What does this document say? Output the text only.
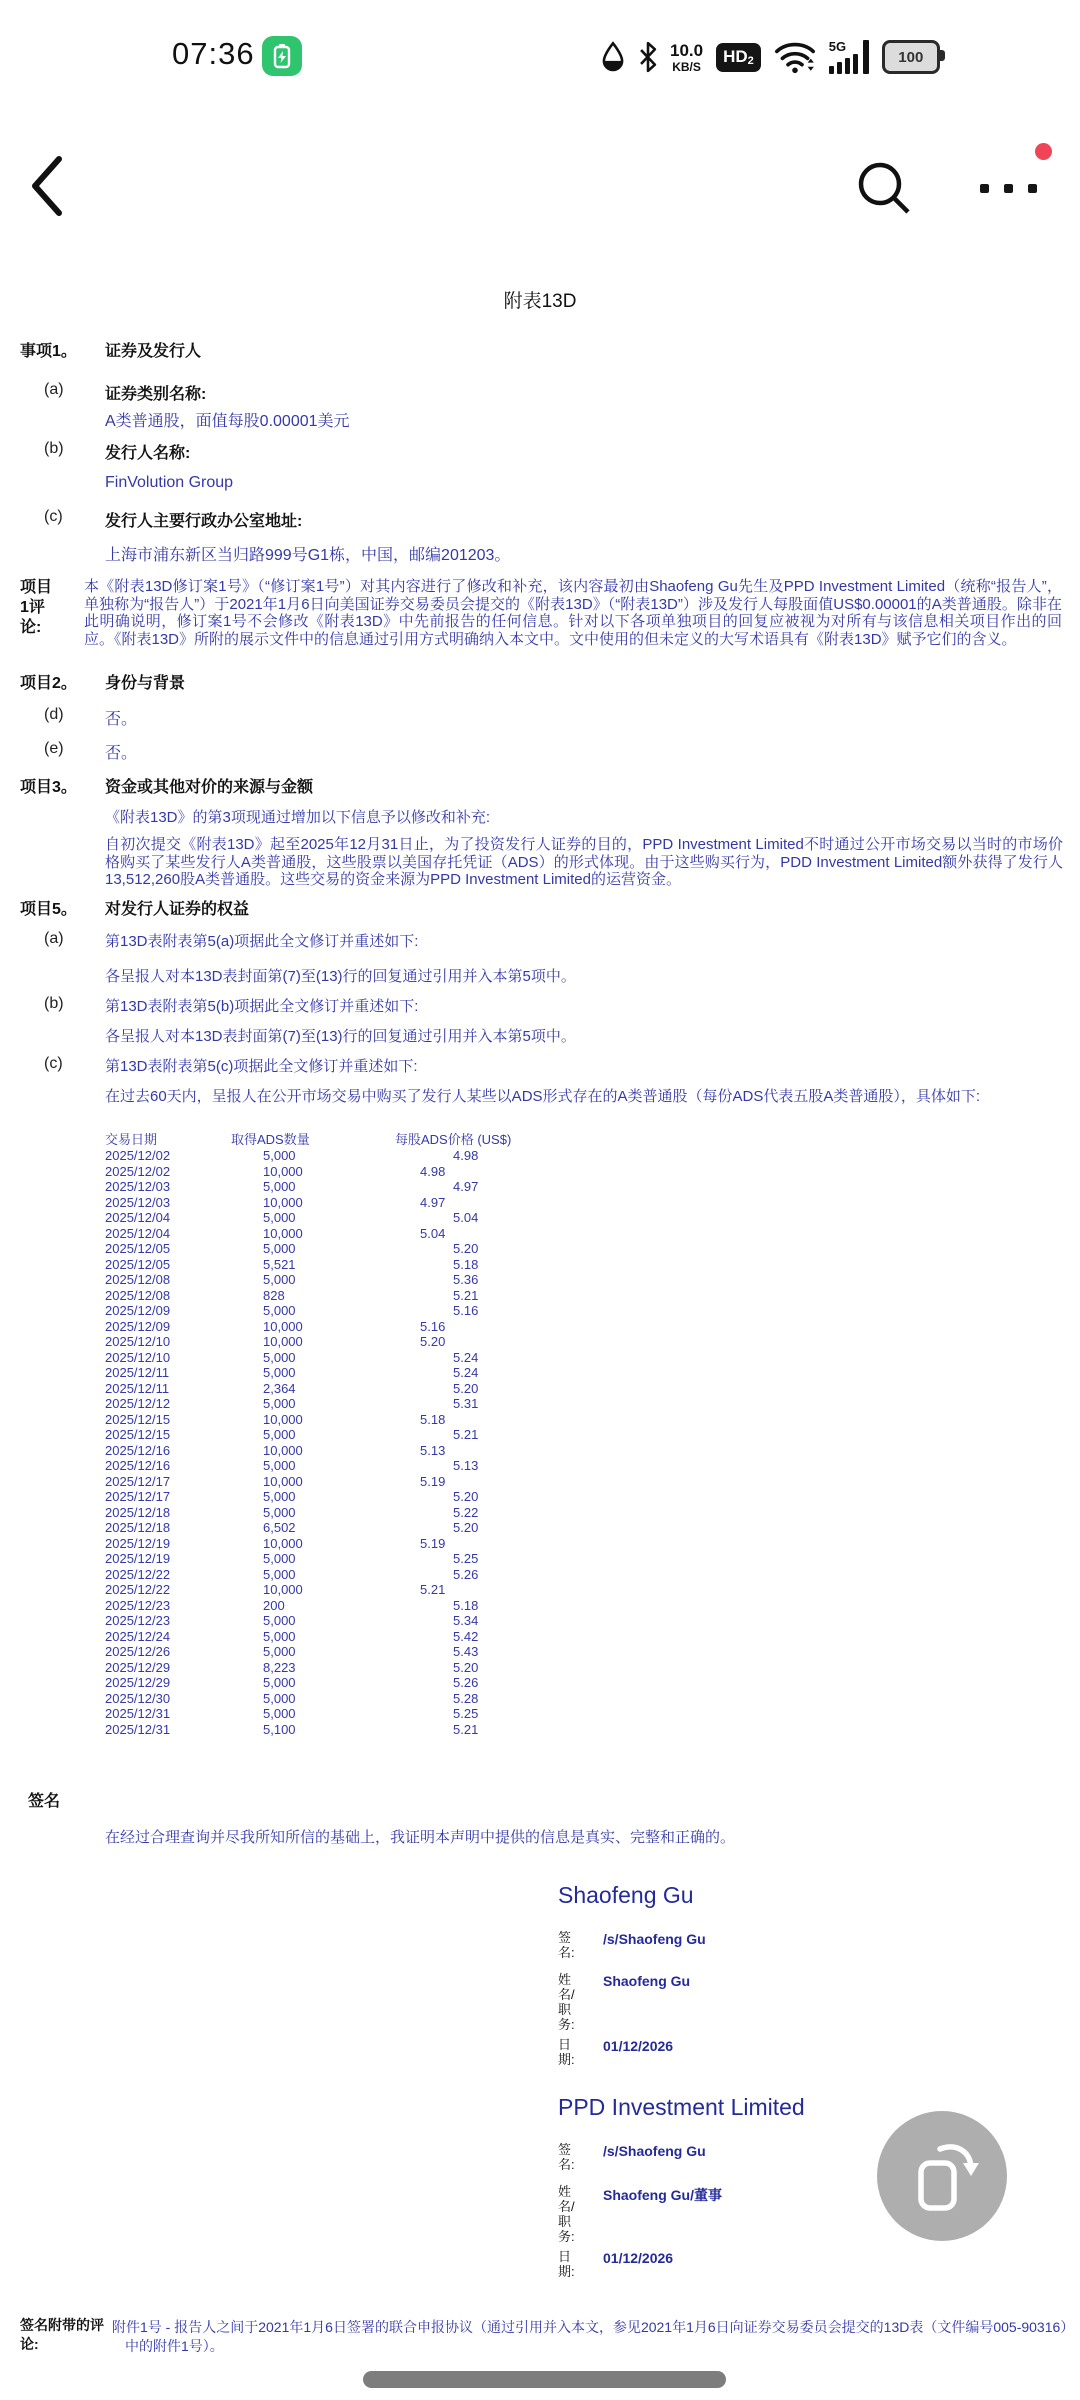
07:36	10.0
KB/S
HD 2
5G
100
附表13D
事项1。 证券及发行人
(a)	证券类别名称:
A类普通股，面值每股0.00001美元
(b)	发行人名称:
FinVolution Group
(c)	发行人主要行政办公室地址:
上海市浦东新区当归路999号G1栋，中国，邮编201203。
项目1评论:
本《附表13D修订案1号》（“修订案1号”）对其内容进行了修改和补充，该内容最初由Shaofeng Gu先生及PPD Investment Limited（统称“报告人”，单独称为“报告人”）于2021年1月6日向美国证券交易委员会提交的《附表13D》（“附表13D”）涉及发行人每股面值US$0.00001的A类普通股。除非在此明确说明，修订案1号不会修改《附表13D》中先前报告的任何信息。针对以下各项单独项目的回复应被视为对所有与该信息相关项目作出的回应。《附表13D》所附的展示文件中的信息通过引用方式明确纳入本文中。文中使用的但未定义的大写术语具有《附表13D》赋予它们的含义。
项目2。 身份与背景
(d)	否。
(e)	否。
项目3。 资金或其他对价的来源与金额
《附表13D》的第3项现通过增加以下信息予以修改和补充:
自初次提交《附表13D》起至2025年12月31日止，为了投资发行人证券的目的，PPD Investment Limited不时通过公开市场交易以当时的市场价格购买了某些发行人A类普通股，这些股票以美国存托凭证（ADS）的形式体现。由于这些购买行为，PDD Investment Limited额外获得了发行人13,512,260股A类普通股。这些交易的资金来源为PPD Investment Limited的运营资金。
项目5。 对发行人证券的权益
(a)	第13D表附表第5(a)项据此全文修订并重述如下:
各呈报人对本13D表封面第(7)至(13)行的回复通过引用并入本第5项中。
(b)	第13D表附表第5(b)项据此全文修订并重述如下:
各呈报人对本13D表封面第(7)至(13)行的回复通过引用并入本第5项中。
(c)	第13D表附表第5(c)项据此全文修订并重述如下:
在过去60天内，呈报人在公开市场交易中购买了发行人某些以ADS形式存在的A类普通股（每份ADS代表五股A类普通股），具体如下:
交易日期	取得ADS数量	每股ADS价格 (US$)
2025/12/02	5,000	4.98
2025/12/02	10,000	4.98
2025/12/03	5,000	4.97
2025/12/03	10,000	4.97
2025/12/04	5,000	5.04
2025/12/04	10,000	5.04
2025/12/05	5,000	5.20
2025/12/05	5,521	5.18
2025/12/08	5,000	5.36
2025/12/08	828	5.21
2025/12/09	5,000	5.16
2025/12/09	10,000	5.16
2025/12/10	10,000	5.20
2025/12/10	5,000	5.24
2025/12/11	5,000	5.24
2025/12/11	2,364	5.20
2025/12/12	5,000	5.31
2025/12/15	10,000	5.18
2025/12/15	5,000	5.21
2025/12/16	10,000	5.13
2025/12/16	5,000	5.13
2025/12/17	10,000	5.19
2025/12/17	5,000	5.20
2025/12/18	5,000	5.22
2025/12/18	6,502	5.20
2025/12/19	10,000	5.19
2025/12/19	5,000	5.25
2025/12/22	5,000	5.26
2025/12/22	10,000	5.21
2025/12/23	200	5.18
2025/12/23	5,000	5.34
2025/12/24	5,000	5.42
2025/12/26	5,000	5.43
2025/12/29	8,223	5.20
2025/12/29	5,000	5.26
2025/12/30	5,000	5.28
2025/12/31	5,000	5.25
2025/12/31	5,100	5.21
签名
在经过合理查询并尽我所知所信的基础上，我证明本声明中提供的信息是真实、完整和正确的。
Shaofeng Gu
签名:
/s/Shaofeng Gu
姓名/职务:
Shaofeng Gu
日期:
01/12/2026
PPD Investment Limited
签名:
/s/Shaofeng Gu
姓名/职务:
Shaofeng Gu/董事
日期:
01/12/2026
签名附带的评论:
附件1号 - 报告人之间于2021年1月6日签署的联合申报协议（通过引用并入本文，参见2021年1月6日向证券交易委员会提交的13D表（文件编号005-90316）中的附件1号）。
